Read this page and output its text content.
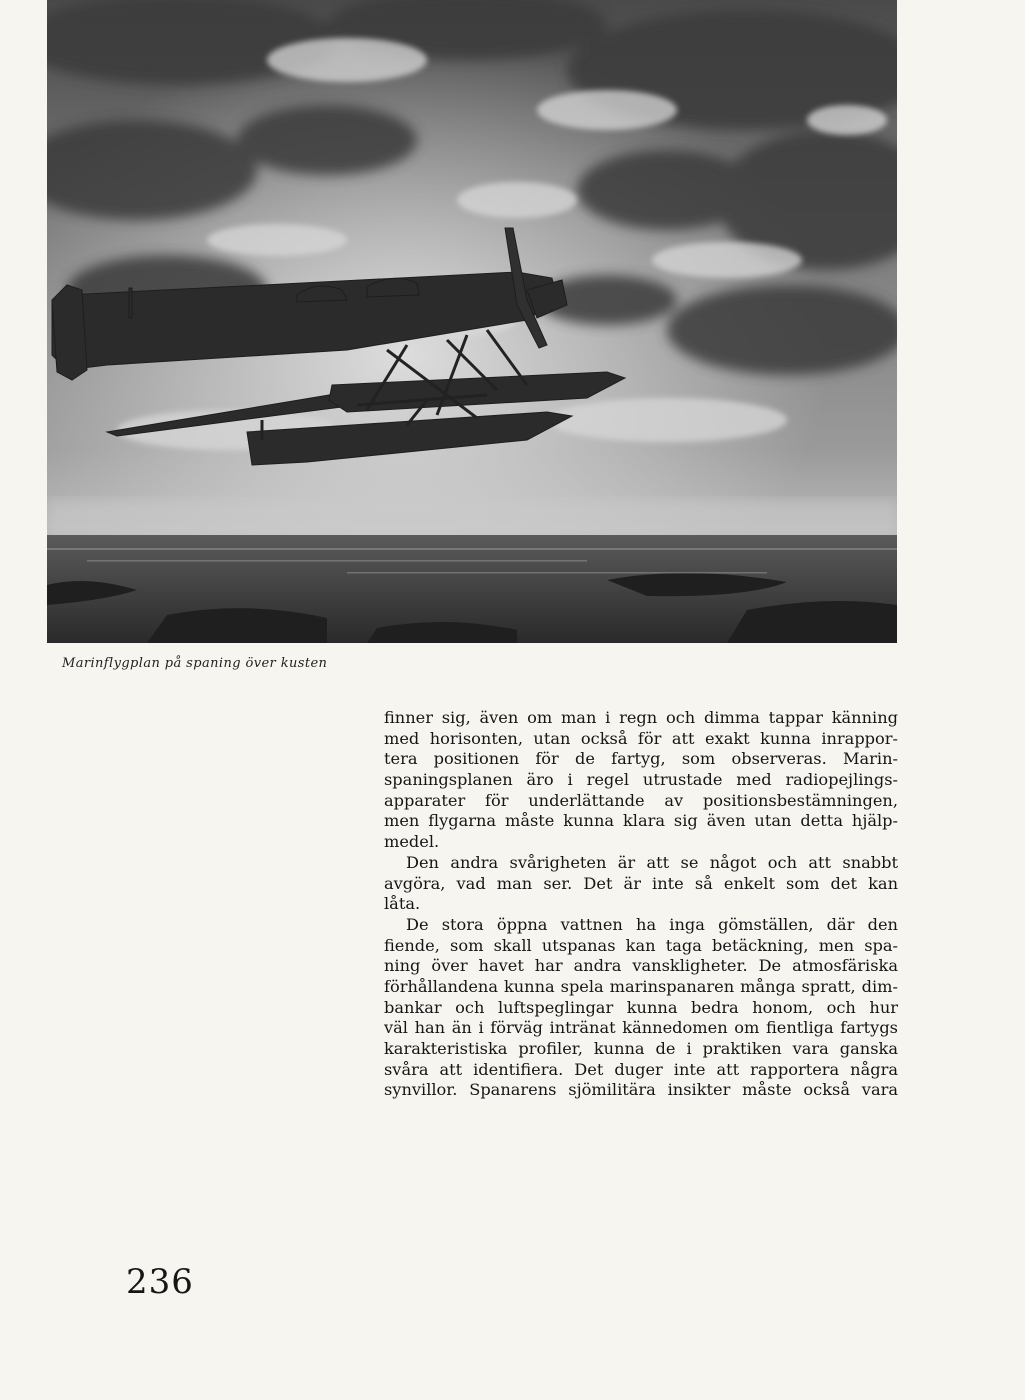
Marinflygplan på spaning över kusten
finner sig, även om man i regn och dimma tappar känning
med horisonten, utan också för att exakt kunna inrappor-
tera positionen för de fartyg, som observeras. Marin-
spaningsplanen äro i regel utrustade med radiopejlings-
apparater för underlättande av positionsbestämningen,
men flygarna måste kunna klara sig även utan detta hjälp-
medel.
Den andra svårigheten är att se något och att snabbt
avgöra, vad man ser. Det är inte så enkelt som det kan
låta.
De stora öppna vattnen ha inga gömställen, där den
fiende, som skall utspanas kan taga betäckning, men spa-
ning över havet har andra vanskligheter. De atmosfäriska
förhållandena kunna spela marinspanaren många spratt, dim-
bankar och luftspeglingar kunna bedra honom, och hur
väl han än i förväg intränat kännedomen om fientliga fartygs
karakteristiska profiler, kunna de i praktiken vara ganska
svåra att identifiera. Det duger inte att rapportera några
synvillor. Spanarens sjömilitära insikter måste också vara
236
